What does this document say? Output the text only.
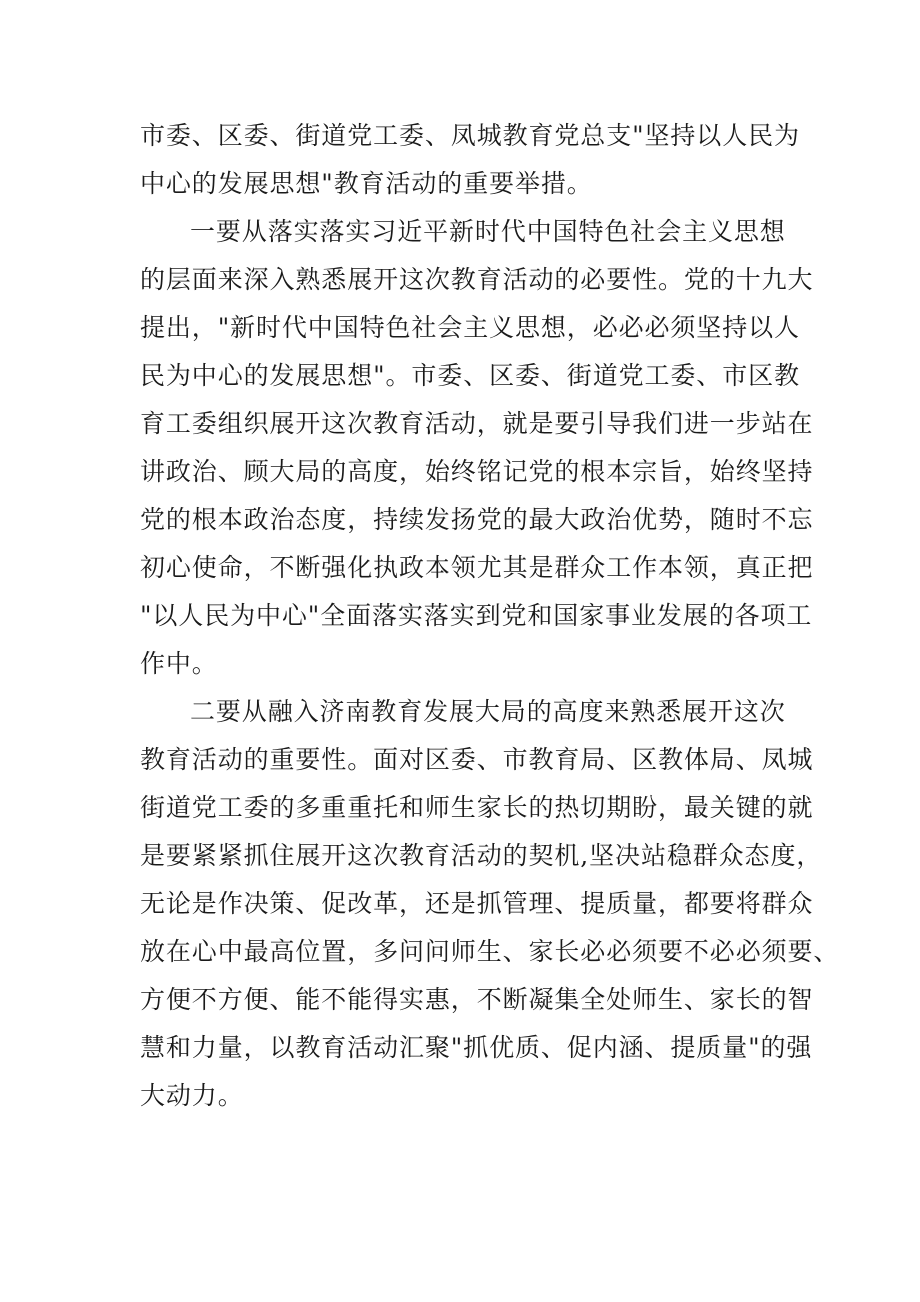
市委、区委、街道党工委、凤城教育党总支"坚持以人民为
中心的发展思想"教育活动的重要举措。
一要从落实落实习近平新时代中国特色社会主义思想
的层面来深入熟悉展开这次教育活动的必要性。党的十九大
提出，"新时代中国特色社会主义思想，必必必须坚持以人
民为中心的发展思想"。市委、区委、街道党工委、市区教
育工委组织展开这次教育活动，就是要引导我们进一步站在
讲政治、顾大局的高度，始终铭记党的根本宗旨，始终坚持
党的根本政治态度，持续发扬党的最大政治优势，随时不忘
初心使命，不断强化执政本领尤其是群众工作本领，真正把
"以人民为中心"全面落实落实到党和国家事业发展的各项工
作中。
二要从融入济南教育发展大局的高度来熟悉展开这次
教育活动的重要性。面对区委、市教育局、区教体局、凤城
街道党工委的多重重托和师生家长的热切期盼，最关键的就
是要紧紧抓住展开这次教育活动的契机,坚决站稳群众态度，
无论是作决策、促改革，还是抓管理、提质量，都要将群众
放在心中最高位置，多问问师生、家长必必须要不必必须要、
方便不方便、能不能得实惠，不断凝集全处师生、家长的智
慧和力量，以教育活动汇聚"抓优质、促内涵、提质量"的强
大动力。
